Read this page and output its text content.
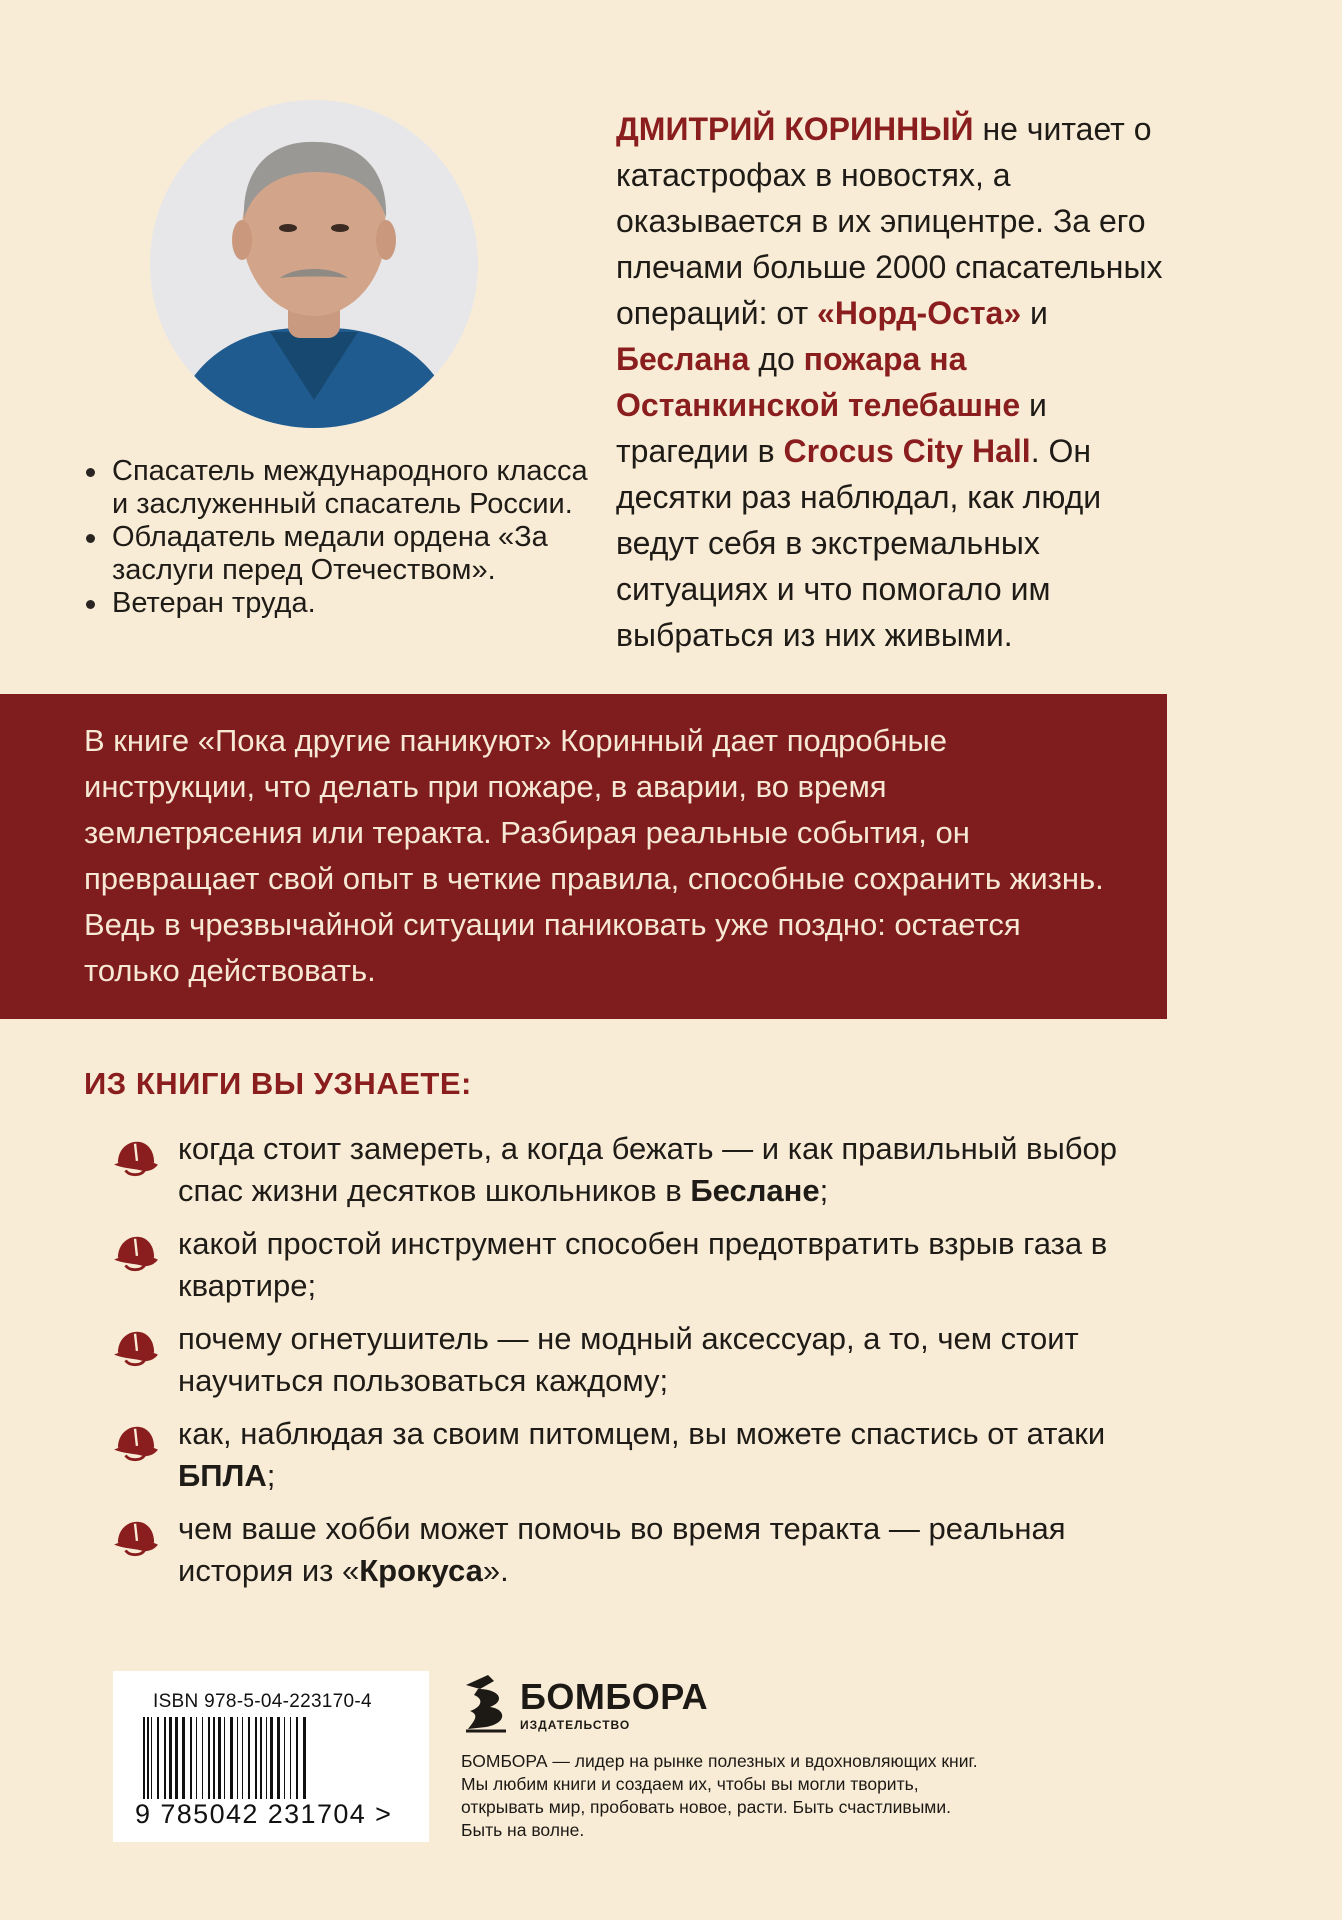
Спасатель международного класса и заслуженный спасатель России.
Обладатель медали ордена «За заслуги перед Отечеством».
Ветеран труда.

ДМИТРИЙ КОРИННЫЙ не читает о катастрофах в новостях, а оказывается в их эпицентре. За его плечами больше 2000 спасательных операций: от «Норд-Оста» и Беслана до пожара на Останкинской телебашне и трагедии в Crocus City Hall. Он десятки раз наблюдал, как люди ведут себя в экстремальных ситуациях и что помогало им выбраться из них живыми.

В книге «Пока другие паникуют» Коринный дает подробные инструкции, что делать при пожаре, в аварии, во время землетрясения или теракта. Разбирая реальные события, он превращает свой опыт в четкие правила, способные сохранить жизнь. Ведь в чрезвычайной ситуации паниковать уже поздно: остается только действовать.

ИЗ КНИГИ ВЫ УЗНАЕТЕ:
когда стоит замереть, а когда бежать — и как правильный выбор спас жизни десятков школьников в Беслане;
какой простой инструмент способен предотвратить взрыв газа в квартире;
почему огнетушитель — не модный аксессуар, а то, чем стоит научиться пользоваться каждому;
как, наблюдая за своим питомцем, вы можете спастись от атаки БПЛА;
чем ваше хобби может помочь во время теракта — реальная история из «Крокуса».
ISBN 978-5-04-223170-4
9 785042 231704 >
БОМБОРА
ИЗДАТЕЛЬСТВО

БОМБОРА — лидер на рынке полезных и вдохновляющих книг. Мы любим книги и создаем их, чтобы вы могли творить, открывать мир, пробовать новое, расти. Быть счастливыми. Быть на волне.
